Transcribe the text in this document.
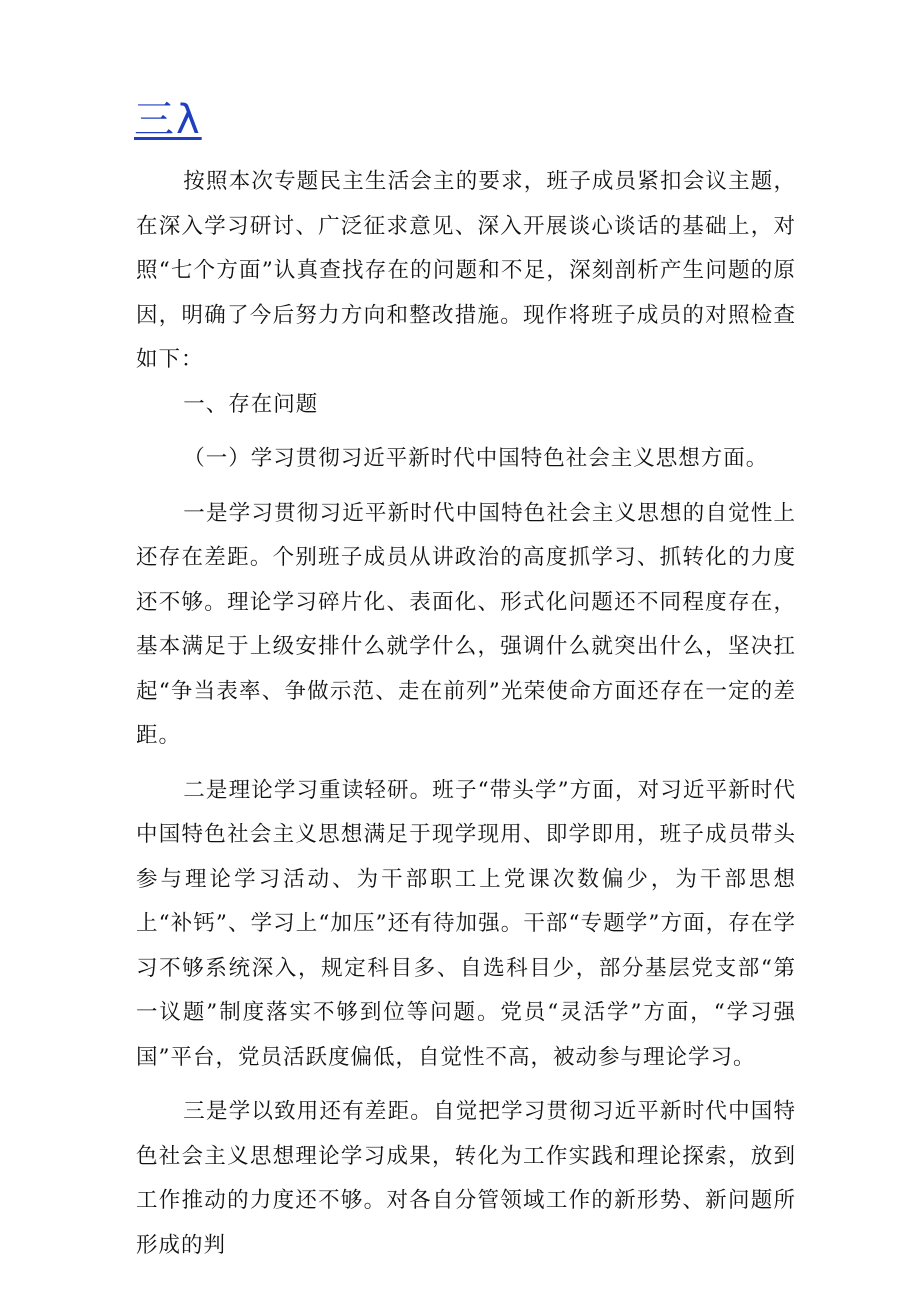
三λ

按照本次专题民主生活会主的要求，班子成员紧扣会议主题，在深入学习研讨、广泛征求意见、深入开展谈心谈话的基础上，对照“七个方面”认真查找存在的问题和不足，深刻剖析产生问题的原因，明确了今后努力方向和整改措施。现作将班子成员的对照检查如下：

一、存在问题

（一）学习贯彻习近平新时代中国特色社会主义思想方面。

一是学习贯彻习近平新时代中国特色社会主义思想的自觉性上还存在差距。个别班子成员从讲政治的高度抓学习、抓转化的力度还不够。理论学习碎片化、表面化、形式化问题还不同程度存在，基本满足于上级安排什么就学什么，强调什么就突出什么，坚决扛起“争当表率、争做示范、走在前列”光荣使命方面还存在一定的差距。

二是理论学习重读轻研。班子“带头学”方面，对习近平新时代中国特色社会主义思想满足于现学现用、即学即用，班子成员带头参与理论学习活动、为干部职工上党课次数偏少，为干部思想上“补钙”、学习上“加压”还有待加强。干部“专题学”方面，存在学习不够系统深入，规定科目多、自选科目少，部分基层党支部“第一议题”制度落实不够到位等问题。党员“灵活学”方面，“学习强国”平台，党员活跃度偏低，自觉性不高，被动参与理论学习。

三是学以致用还有差距。自觉把学习贯彻习近平新时代中国特色社会主义思想理论学习成果，转化为工作实践和理论探索，放到工作推动的力度还不够。对各自分管领域工作的新形势、新问题所形成的判
